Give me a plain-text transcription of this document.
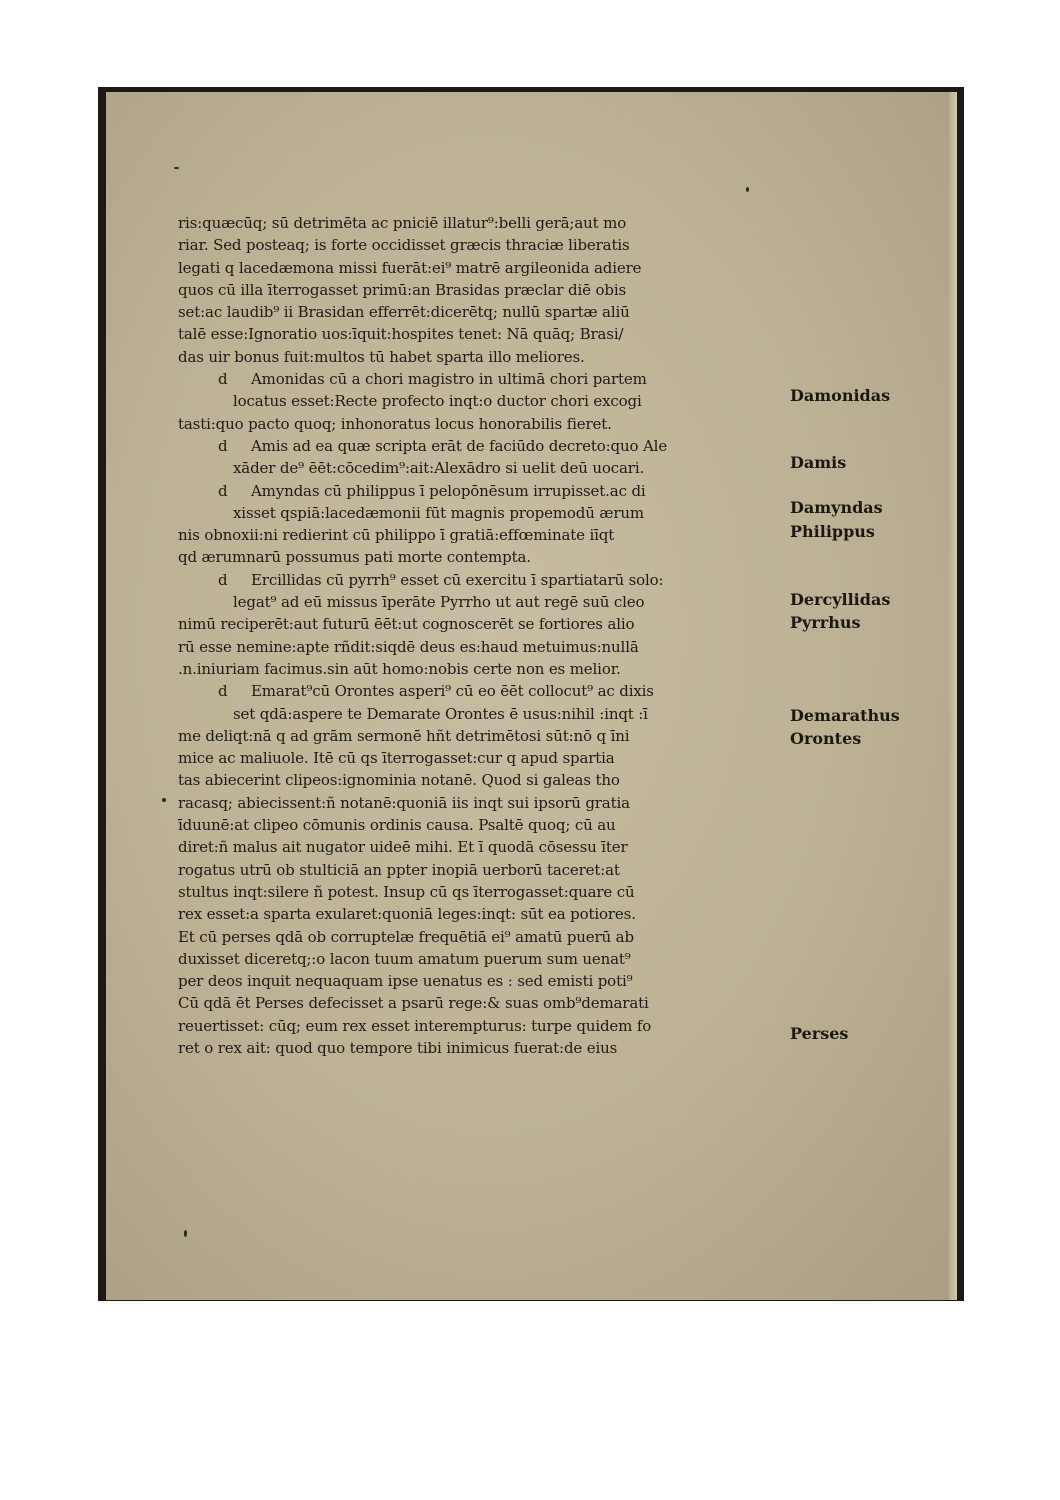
ris:quæcūq; sū detrimēta ac pniciē illatur⁹:belli gerā;aut mo
riar. Sed posteaq; is forte occidisset græcis thraciæ liberatis
legati q lacedæmona missi fuerāt:ei⁹ matrē argileonida adiere
quos cū illa īterrogasset primū:an Brasidas præclar diē obis
set:ac laudib⁹ ii Brasidan efferrēt:dicerētq; nullū spartæ aliū
talē esse:Ignoratio uos:īquit:hospites tenet: Nā quāq; Brasi/
das uir bonus fuit:multos tū habet sparta illo meliores.
d Amonidas cū a chori magistro in ultimā chori partem
locatus esset:Recte profecto inqt:o ductor chori excogi
tasti:quo pacto quoq; inhonoratus locus honorabilis fieret.
d Amis ad ea quæ scripta erāt de faciūdo decreto:quo Ale
xāder de⁹ ēēt:cōcedim⁹:ait:Alexādro si uelit deū uocari.
d Amyndas cū philippus ī pelopōnēsum irrupisset.ac di
xisset qspiā:lacedæmonii fūt magnis propemodū ærum
nis obnoxii:ni redierint cū philippo ī gratiā:effœminate iīqt
qd ærumnarū possumus pati morte contempta.
d Ercillidas cū pyrrh⁹ esset cū exercitu ī spartiatarū solo:
legat⁹ ad eū missus īperāte Pyrrho ut aut regē suū cleo
nimū reciperēt:aut futurū ēēt:ut cognoscerēt se fortiores alio
rū esse nemine:apte rñdit:siqdē deus es:haud metuimus:nullā
.n.iniuriam facimus.sin aūt homo:nobis certe non es melior.
d Emarat⁹cū Orontes asperi⁹ cū eo ēēt collocut⁹ ac dixis
set qdā:aspere te Demarate Orontes ē usus:nihil :inqt :ī
me deliqt:nā q ad grām sermonē hñt detrimētosi sūt:nō q īni
mice ac maliuole. Itē cū qs īterrogasset:cur q apud spartia
tas abiecerint clipeos:ignominia notanē. Quod si galeas tho
racasq; abiecissent:ñ notanē:quoniā iis inqt sui ipsorū gratia
īduunē:at clipeo cōmunis ordinis causa. Psaltē quoq; cū au
diret:ñ malus ait nugator uideē mihi. Et ī quodā cōsessu īter
rogatus utrū ob stulticiā an ppter inopiā uerborū taceret:at
stultus inqt:silere ñ potest. Insup cū qs īterrogasset:quare cū
rex esset:a sparta exularet:quoniā leges:inqt: sūt ea potiores.
Et cū perses qdā ob corruptelæ frequētiā ei⁹ amatū puerū ab
duxisset diceretq;:o lacon tuum amatum puerum sum uenat⁹
per deos inquit nequaquam ipse uenatus es : sed emisti poti⁹
Cū qdā ēt Perses defecisset a psarū rege:& suas omb⁹demarati
reuertisset: cūq; eum rex esset interempturus: turpe quidem fo
ret o rex ait: quod quo tempore tibi inimicus fuerat:de eius
Damonidas
Damis
Damyndas
Philippus
Dercyllidas
Pyrrhus
Demarathus
Orontes
Perses
